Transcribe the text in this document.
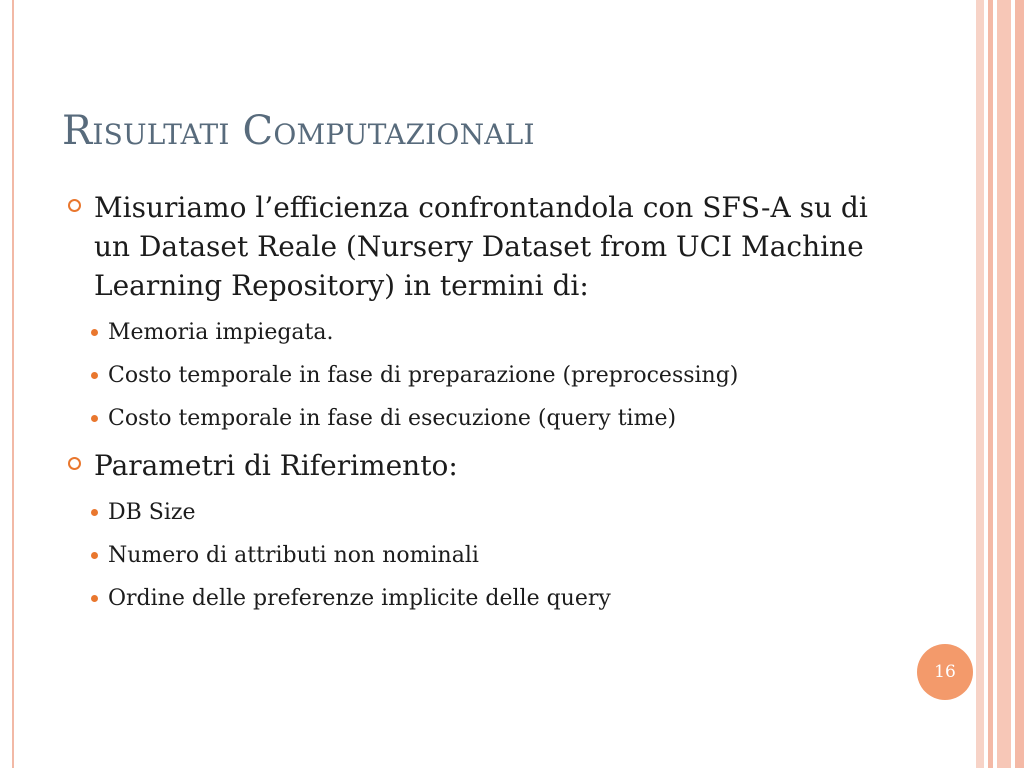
Risultati Computazionali
Misuriamo l’efficienza confrontandola con SFS-A su di un Dataset Reale (Nursery Dataset from UCI Machine Learning Repository) in termini di:
Memoria impiegata.
Costo temporale in fase di preparazione (preprocessing)
Costo temporale in fase di esecuzione (query time)
Parametri di Riferimento:
DB Size
Numero di attributi non nominali
Ordine delle preferenze implicite delle query
16
